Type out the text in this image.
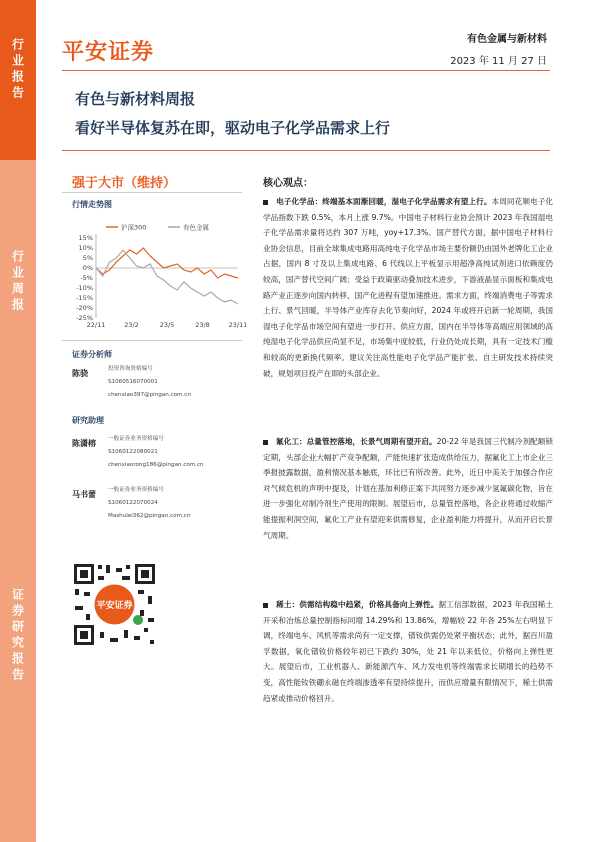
行业报告
行业周报
证券研究报告
平安证券
有色金属与新材料
2023 年 11 月 27 日
有色与新材料周报
看好半导体复苏在即，驱动电子化学品需求上行
强于大市（维持）
行情走势图
沪深300	有色金属
15%
10%
5%
0%
-5%
-10%
-15%
-20%
-25%
22/11	23/2	23/5	23/8	23/11
证券分析师
陈骁	投资咨询资格编号
S1060516070001
chenxiao397@pingan.com.cn
研究助理
陈潇榕 一般证券业务资格编号
S1060122080021
chenxiaorong186@pingan.com.cn
马书蕾 一般证券业务资格编号
S1060122070024
Mashulei362@pingan.com.cn
平安证券
核心观点：
电子化学品：终端基本面渐回暖，湿电子化学品需求有望上行。本周同花顺电子化学品指数下跌 0.5%，本月上涨 9.7%。中国电子材料行业协会预计 2023 年我国湿电子化学品需求量将达约 307 万吨，yoy+17.3%。国产替代方面，据中国电子材料行业协会信息，目前全球集成电路用高纯电子化学品市场主要份额仍由国外老牌化工企业占据，国内 8 寸及以上集成电路、6 代线以上平板显示用超净高纯试剂进口依赖度仍较高，国产替代空间广阔；受益于政策驱动叠加技术进步，下游液晶显示面板和集成电路产业正逐步向国内转移，国产化进程有望加速推进。需求方面，终端消费电子等需求上行、景气回暖，半导体产业库存去化节奏向好，2024 年或将开启新一轮周期，我国湿电子化学品市场空间有望进一步打开。供应方面，国内在半导体等高端应用领域的高纯湿电子化学品供应尚显不足，市场集中度较低，行业仍处成长期，具有一定技术门槛和较高的更新换代频率。建议关注高性能电子化学品产能扩张、自主研发技术持续突破，规划项目投产在即的头部企业。
氟化工：总量管控落地，长景气周期有望开启。20-22 年是我国三代制冷剂配额锁定期，头部企业大幅扩产竞争配额，产能快速扩张造成供给压力，据氟化工上市企业三季报披露数据，盈利情况基本触底，环比已有所改善。此外，近日中美关于加强合作应对气候危机的声明中提及，计划在基加利修正案下共同努力逐步减少氢氟碳化物，旨在进一步强化对制冷剂生产使用的限制。展望后市，总量管控落地，各企业将通过收缩产能提振利润空间，氟化工产业有望迎来供需修复，企业盈利能力将提升，从而开启长景气周期。
稀土：供需结构稳中趋紧，价格具备向上弹性。据工信部数据，2023 年我国稀土开采和冶炼总量控制指标同增 14.29%和 13.86%，增幅较 22 年各 25%左右明显下调，终端电车、风机等需求尚有一定支撑，镨钕供需仍处紧平衡状态；此外，据百川盈孚数据，氧化镨钕价格较年初已下跌约 30%，处 21 年以来低位，价格向上弹性更大。展望后市，工业机器人、新能源汽车、风力发电机等终端需求长期增长的趋势不变，高性能钕铁硼永磁在终端渗透率有望持续提升，而供应增量有限情况下，稀土供需趋紧或推动价格回升。
